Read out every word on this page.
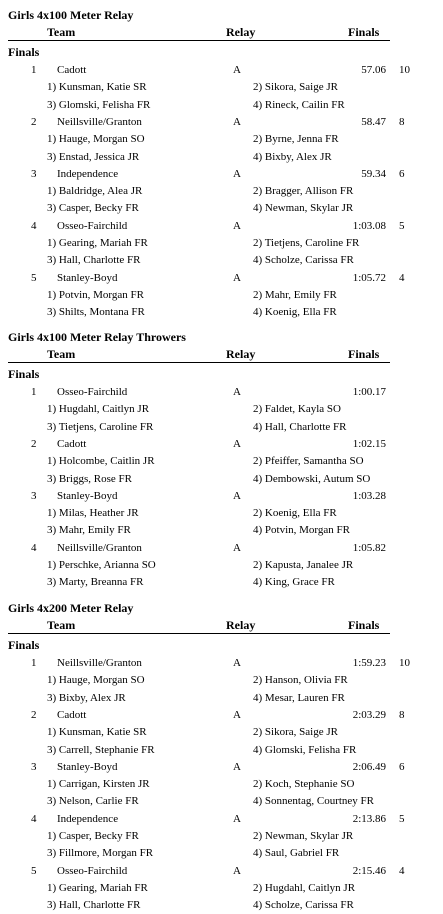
Girls 4x100 Meter Relay
Team	Relay	Finals
Finals
1 Cadott	A	57.06 10
1) Kunsman, Katie SR	2) Sikora, Saige JR
3) Glomski, Felisha FR	4) Rineck, Cailin FR
2 Neillsville/Granton	A	58.47 8
1) Hauge, Morgan SO	2) Byrne, Jenna FR
3) Enstad, Jessica JR	4) Bixby, Alex JR
3 Independence	A	59.34 6
1) Baldridge, Alea JR	2) Bragger, Allison FR
3) Casper, Becky FR	4) Newman, Skylar JR
4 Osseo-Fairchild	A	1:03.08 5
1) Gearing, Mariah FR	2) Tietjens, Caroline FR
3) Hall, Charlotte FR	4) Scholze, Carissa FR
5 Stanley-Boyd	A	1:05.72 4
1) Potvin, Morgan FR	2) Mahr, Emily FR
3) Shilts, Montana FR	4) Koenig, Ella FR
Girls 4x100 Meter Relay Throwers
Team	Relay	Finals
Finals
1 Osseo-Fairchild	A	1:00.17
1) Hugdahl, Caitlyn JR	2) Faldet, Kayla SO
3) Tietjens, Caroline FR	4) Hall, Charlotte FR
2 Cadott	A	1:02.15
1) Holcombe, Caitlin JR	2) Pfeiffer, Samantha SO
3) Briggs, Rose FR	4) Dembowski, Autum SO
3 Stanley-Boyd	A	1:03.28
1) Milas, Heather JR	2) Koenig, Ella FR
3) Mahr, Emily FR	4) Potvin, Morgan FR
4 Neillsville/Granton	A	1:05.82
1) Perschke, Arianna SO	2) Kapusta, Janalee JR
3) Marty, Breanna FR	4) King, Grace FR
Girls 4x200 Meter Relay
Team	Relay	Finals
Finals
1 Neillsville/Granton	A	1:59.23 10
1) Hauge, Morgan SO	2) Hanson, Olivia FR
3) Bixby, Alex JR	4) Mesar, Lauren FR
2 Cadott	A	2:03.29 8
1) Kunsman, Katie SR	2) Sikora, Saige JR
3) Carrell, Stephanie FR	4) Glomski, Felisha FR
3 Stanley-Boyd	A	2:06.49 6
1) Carrigan, Kirsten JR	2) Koch, Stephanie SO
3) Nelson, Carlie FR	4) Sonnentag, Courtney FR
4 Independence	A	2:13.86 5
1) Casper, Becky FR	2) Newman, Skylar JR
3) Fillmore, Morgan FR	4) Saul, Gabriel FR
5 Osseo-Fairchild	A	2:15.46 4
1) Gearing, Mariah FR	2) Hugdahl, Caitlyn JR
3) Hall, Charlotte FR	4) Scholze, Carissa FR
